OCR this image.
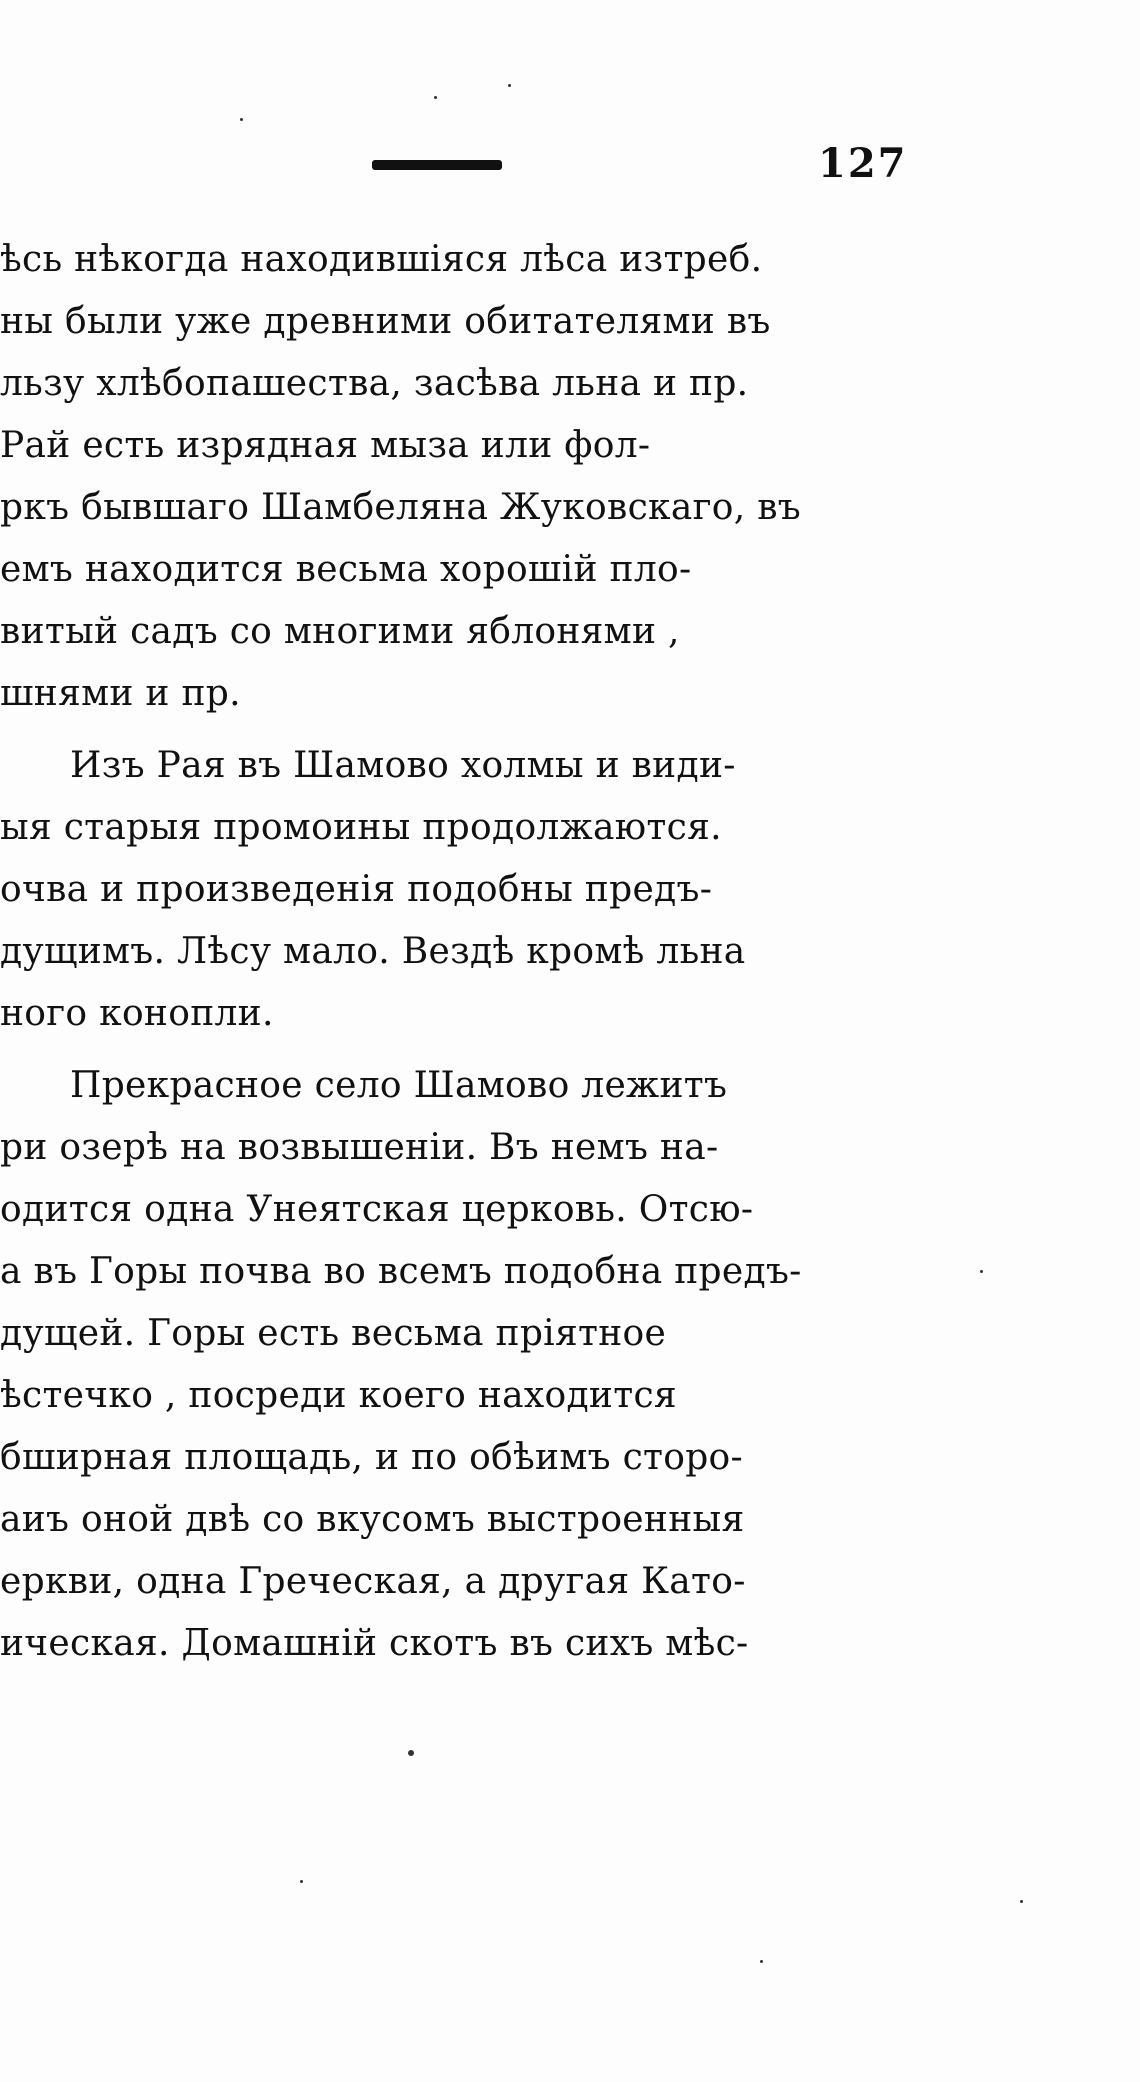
127
ѣсь нѣкогда находившіяся лѣса изтреб.
ны были уже древними обитателями въ
льзу хлѣбопашества, засѣва льна и пр.
Рай есть изрядная мыза или фол-
ркъ бывшаго Шамбеляна Жуковскаго, въ
емъ находится весьма хорошій пло-
витый садъ со многими яблонями ,
шнями и пр.
Изъ Рая въ Шамово холмы и види-
ыя старыя промоины продолжаются.
очва и произведенія подобны предъ-
дущимъ. Лѣсу мало. Вездѣ кромѣ льна
ного конопли.
Прекрасное село Шамово лежитъ
ри озерѣ на возвышеніи. Въ немъ на-
одится одна Унеятская церковь. Отсю-
а въ Горы почва во всемъ подобна предъ-
дущей. Горы есть весьма пріятное
ѣстечко , посреди коего находится
бширная площадь, и по обѣимъ сторо-
аиъ оной двѣ со вкусомъ выстроенныя
еркви, одна Греческая, а другая Като-
ическая. Домашній скотъ въ сихъ мѣс-
